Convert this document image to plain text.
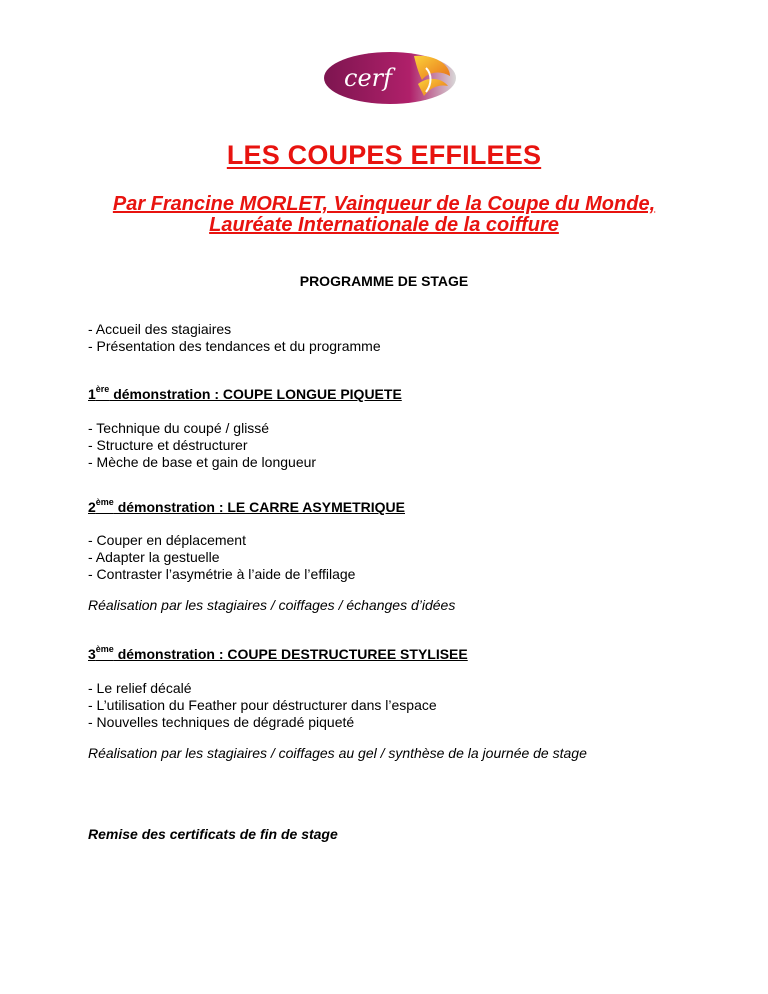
cerf
LES COUPES EFFILEES
Par Francine MORLET, Vainqueur de la Coupe du Monde,
Lauréate Internationale de la coiffure
PROGRAMME DE STAGE
- Accueil des stagiaires
- Présentation des tendances et du programme
1ère démonstration : COUPE LONGUE PIQUETE
- Technique du coupé / glissé
- Structure et déstructurer
- Mèche de base et gain de longueur
2ème démonstration : LE CARRE ASYMETRIQUE
- Couper en déplacement
- Adapter la gestuelle
- Contraster l’asymétrie à l’aide de l’effilage
Réalisation par les stagiaires / coiffages / échanges d’idées
3ème démonstration : COUPE DESTRUCTUREE STYLISEE
- Le relief décalé
- L’utilisation du Feather pour déstructurer dans l’espace
- Nouvelles techniques de dégradé piqueté
Réalisation par les stagiaires / coiffages au gel / synthèse de la journée de stage
Remise des certificats de fin de stage
